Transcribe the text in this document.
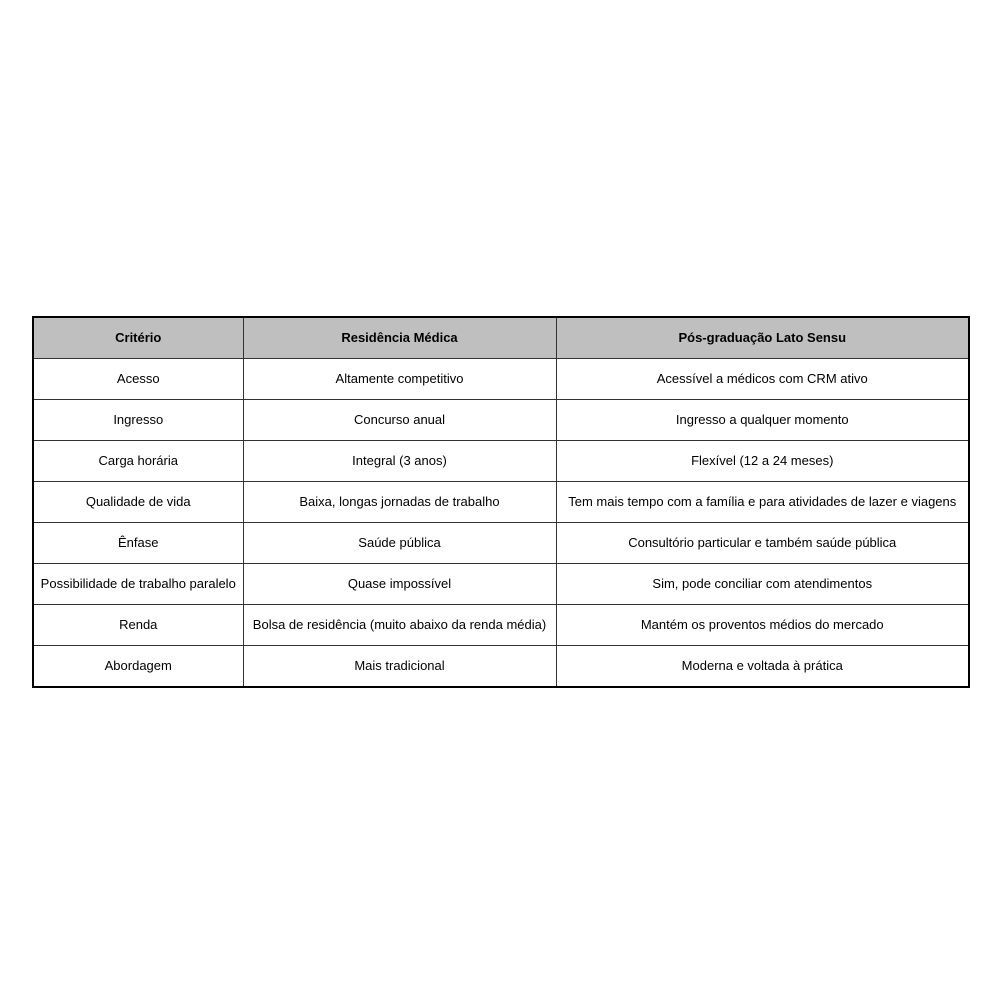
Critério	Residência Médica	Pós-graduação Lato Sensu
Acesso	Altamente competitivo	Acessível a médicos com CRM ativo
Ingresso	Concurso anual	Ingresso a qualquer momento
Carga horária	Integral (3 anos)	Flexível (12 a 24 meses)
Qualidade de vida	Baixa, longas jornadas de trabalho	Tem mais tempo com a família e para atividades de lazer e viagens
Ênfase	Saúde pública	Consultório particular e também saúde pública
Possibilidade de trabalho paralelo	Quase impossível	Sim, pode conciliar com atendimentos
Renda	Bolsa de residência (muito abaixo da renda média)	Mantém os proventos médios do mercado
Abordagem	Mais tradicional	Moderna e voltada à prática
